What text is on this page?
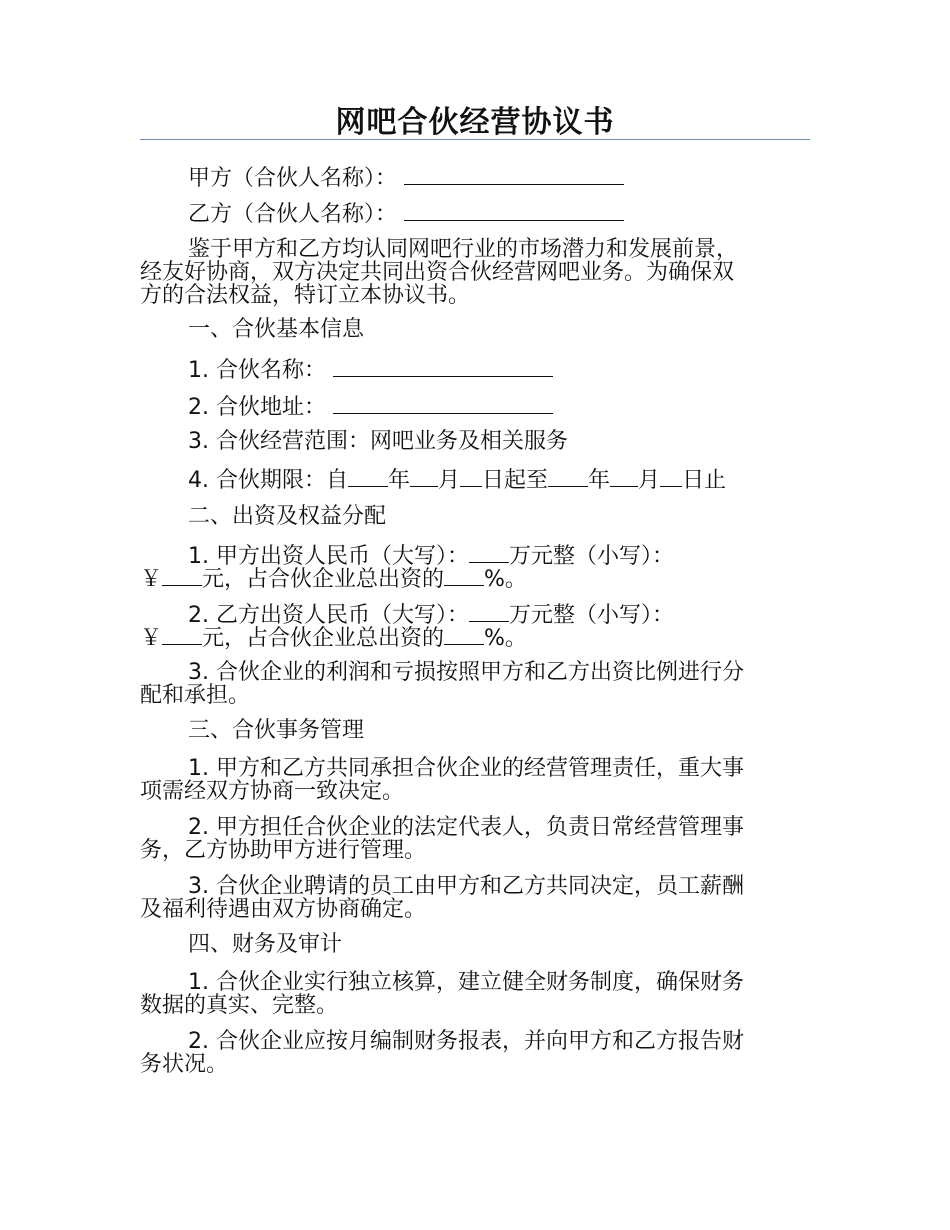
网吧合伙经营协议书
甲方（合伙人名称）：
乙方（合伙人名称）：
鉴于甲方和乙方均认同网吧行业的市场潜力和发展前景，
经友好协商，双方决定共同出资合伙经营网吧业务。为确保双
方的合法权益，特订立本协议书。
一、合伙基本信息
1. 合伙名称：
2. 合伙地址：
3. 合伙经营范围：网吧业务及相关服务
4. 合伙期限：自 年 月 日起至 年 月 日止
二、出资及权益分配
1. 甲方出资人民币（大写）： 万元整（小写）：
￥ 元，占合伙企业总出资的 %。
2. 乙方出资人民币（大写）： 万元整（小写）：
￥ 元，占合伙企业总出资的 %。
3. 合伙企业的利润和亏损按照甲方和乙方出资比例进行分
配和承担。
三、合伙事务管理
1. 甲方和乙方共同承担合伙企业的经营管理责任，重大事
项需经双方协商一致决定。
2. 甲方担任合伙企业的法定代表人，负责日常经营管理事
务，乙方协助甲方进行管理。
3. 合伙企业聘请的员工由甲方和乙方共同决定，员工薪酬
及福利待遇由双方协商确定。
四、财务及审计
1. 合伙企业实行独立核算，建立健全财务制度，确保财务
数据的真实、完整。
2. 合伙企业应按月编制财务报表，并向甲方和乙方报告财
务状况。
